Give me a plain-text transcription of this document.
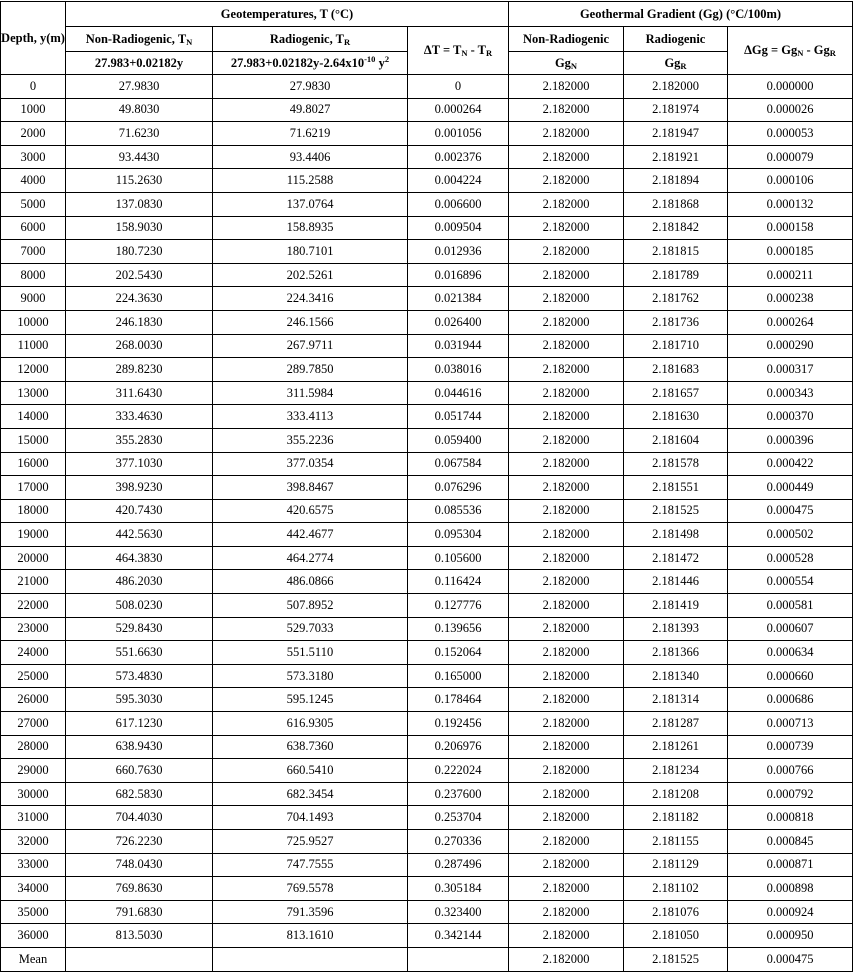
Depth, y(m)	Geotemperatures, T (°C)			Geothermal Gradient (Gg) (°C/100m)		
	Non-Radiogenic, $T_N$	Radiogenic, $T_R$	$\Delta T = T_N - T_R$	Non-Radiogenic	Radiogenic	$\Delta Gg = Gg_N - Gg_R$
	27.983+0.02182y	$27.983+0.02182y-2.64x10^{-10}$ $y^2$		$Gg_N$	$Gg_R$
0	27.9830	27.9830	0	2.182000	2.182000	0.000000
1000	49.8030	49.8027	0.000264	2.182000	2.181974	0.000026
2000	71.6230	71.6219	0.001056	2.182000	2.181947	0.000053
3000	93.4430	93.4406	0.002376	2.182000	2.181921	0.000079
4000	115.2630	115.2588	0.004224	2.182000	2.181894	0.000106
5000	137.0830	137.0764	0.006600	2.182000	2.181868	0.000132
6000	158.9030	158.8935	0.009504	2.182000	2.181842	0.000158
7000	180.7230	180.7101	0.012936	2.182000	2.181815	0.000185
8000	202.5430	202.5261	0.016896	2.182000	2.181789	0.000211
9000	224.3630	224.3416	0.021384	2.182000	2.181762	0.000238
10000	246.1830	246.1566	0.026400	2.182000	2.181736	0.000264
11000	268.0030	267.9711	0.031944	2.182000	2.181710	0.000290
12000	289.8230	289.7850	0.038016	2.182000	2.181683	0.000317
13000	311.6430	311.5984	0.044616	2.182000	2.181657	0.000343
14000	333.4630	333.4113	0.051744	2.182000	2.181630	0.000370
15000	355.2830	355.2236	0.059400	2.182000	2.181604	0.000396
16000	377.1030	377.0354	0.067584	2.182000	2.181578	0.000422
17000	398.9230	398.8467	0.076296	2.182000	2.181551	0.000449
18000	420.7430	420.6575	0.085536	2.182000	2.181525	0.000475
19000	442.5630	442.4677	0.095304	2.182000	2.181498	0.000502
20000	464.3830	464.2774	0.105600	2.182000	2.181472	0.000528
21000	486.2030	486.0866	0.116424	2.182000	2.181446	0.000554
22000	508.0230	507.8952	0.127776	2.182000	2.181419	0.000581
23000	529.8430	529.7033	0.139656	2.182000	2.181393	0.000607
24000	551.6630	551.5110	0.152064	2.182000	2.181366	0.000634
25000	573.4830	573.3180	0.165000	2.182000	2.181340	0.000660
26000	595.3030	595.1245	0.178464	2.182000	2.181314	0.000686
27000	617.1230	616.9305	0.192456	2.182000	2.181287	0.000713
28000	638.9430	638.7360	0.206976	2.182000	2.181261	0.000739
29000	660.7630	660.5410	0.222024	2.182000	2.181234	0.000766
30000	682.5830	682.3454	0.237600	2.182000	2.181208	0.000792
31000	704.4030	704.1493	0.253704	2.182000	2.181182	0.000818
32000	726.2230	725.9527	0.270336	2.182000	2.181155	0.000845
33000	748.0430	747.7555	0.287496	2.182000	2.181129	0.000871
34000	769.8630	769.5578	0.305184	2.182000	2.181102	0.000898
35000	791.6830	791.3596	0.323400	2.182000	2.181076	0.000924
36000	813.5030	813.1610	0.342144	2.182000	2.181050	0.000950
Mean				2.182000	2.181525	0.000475
